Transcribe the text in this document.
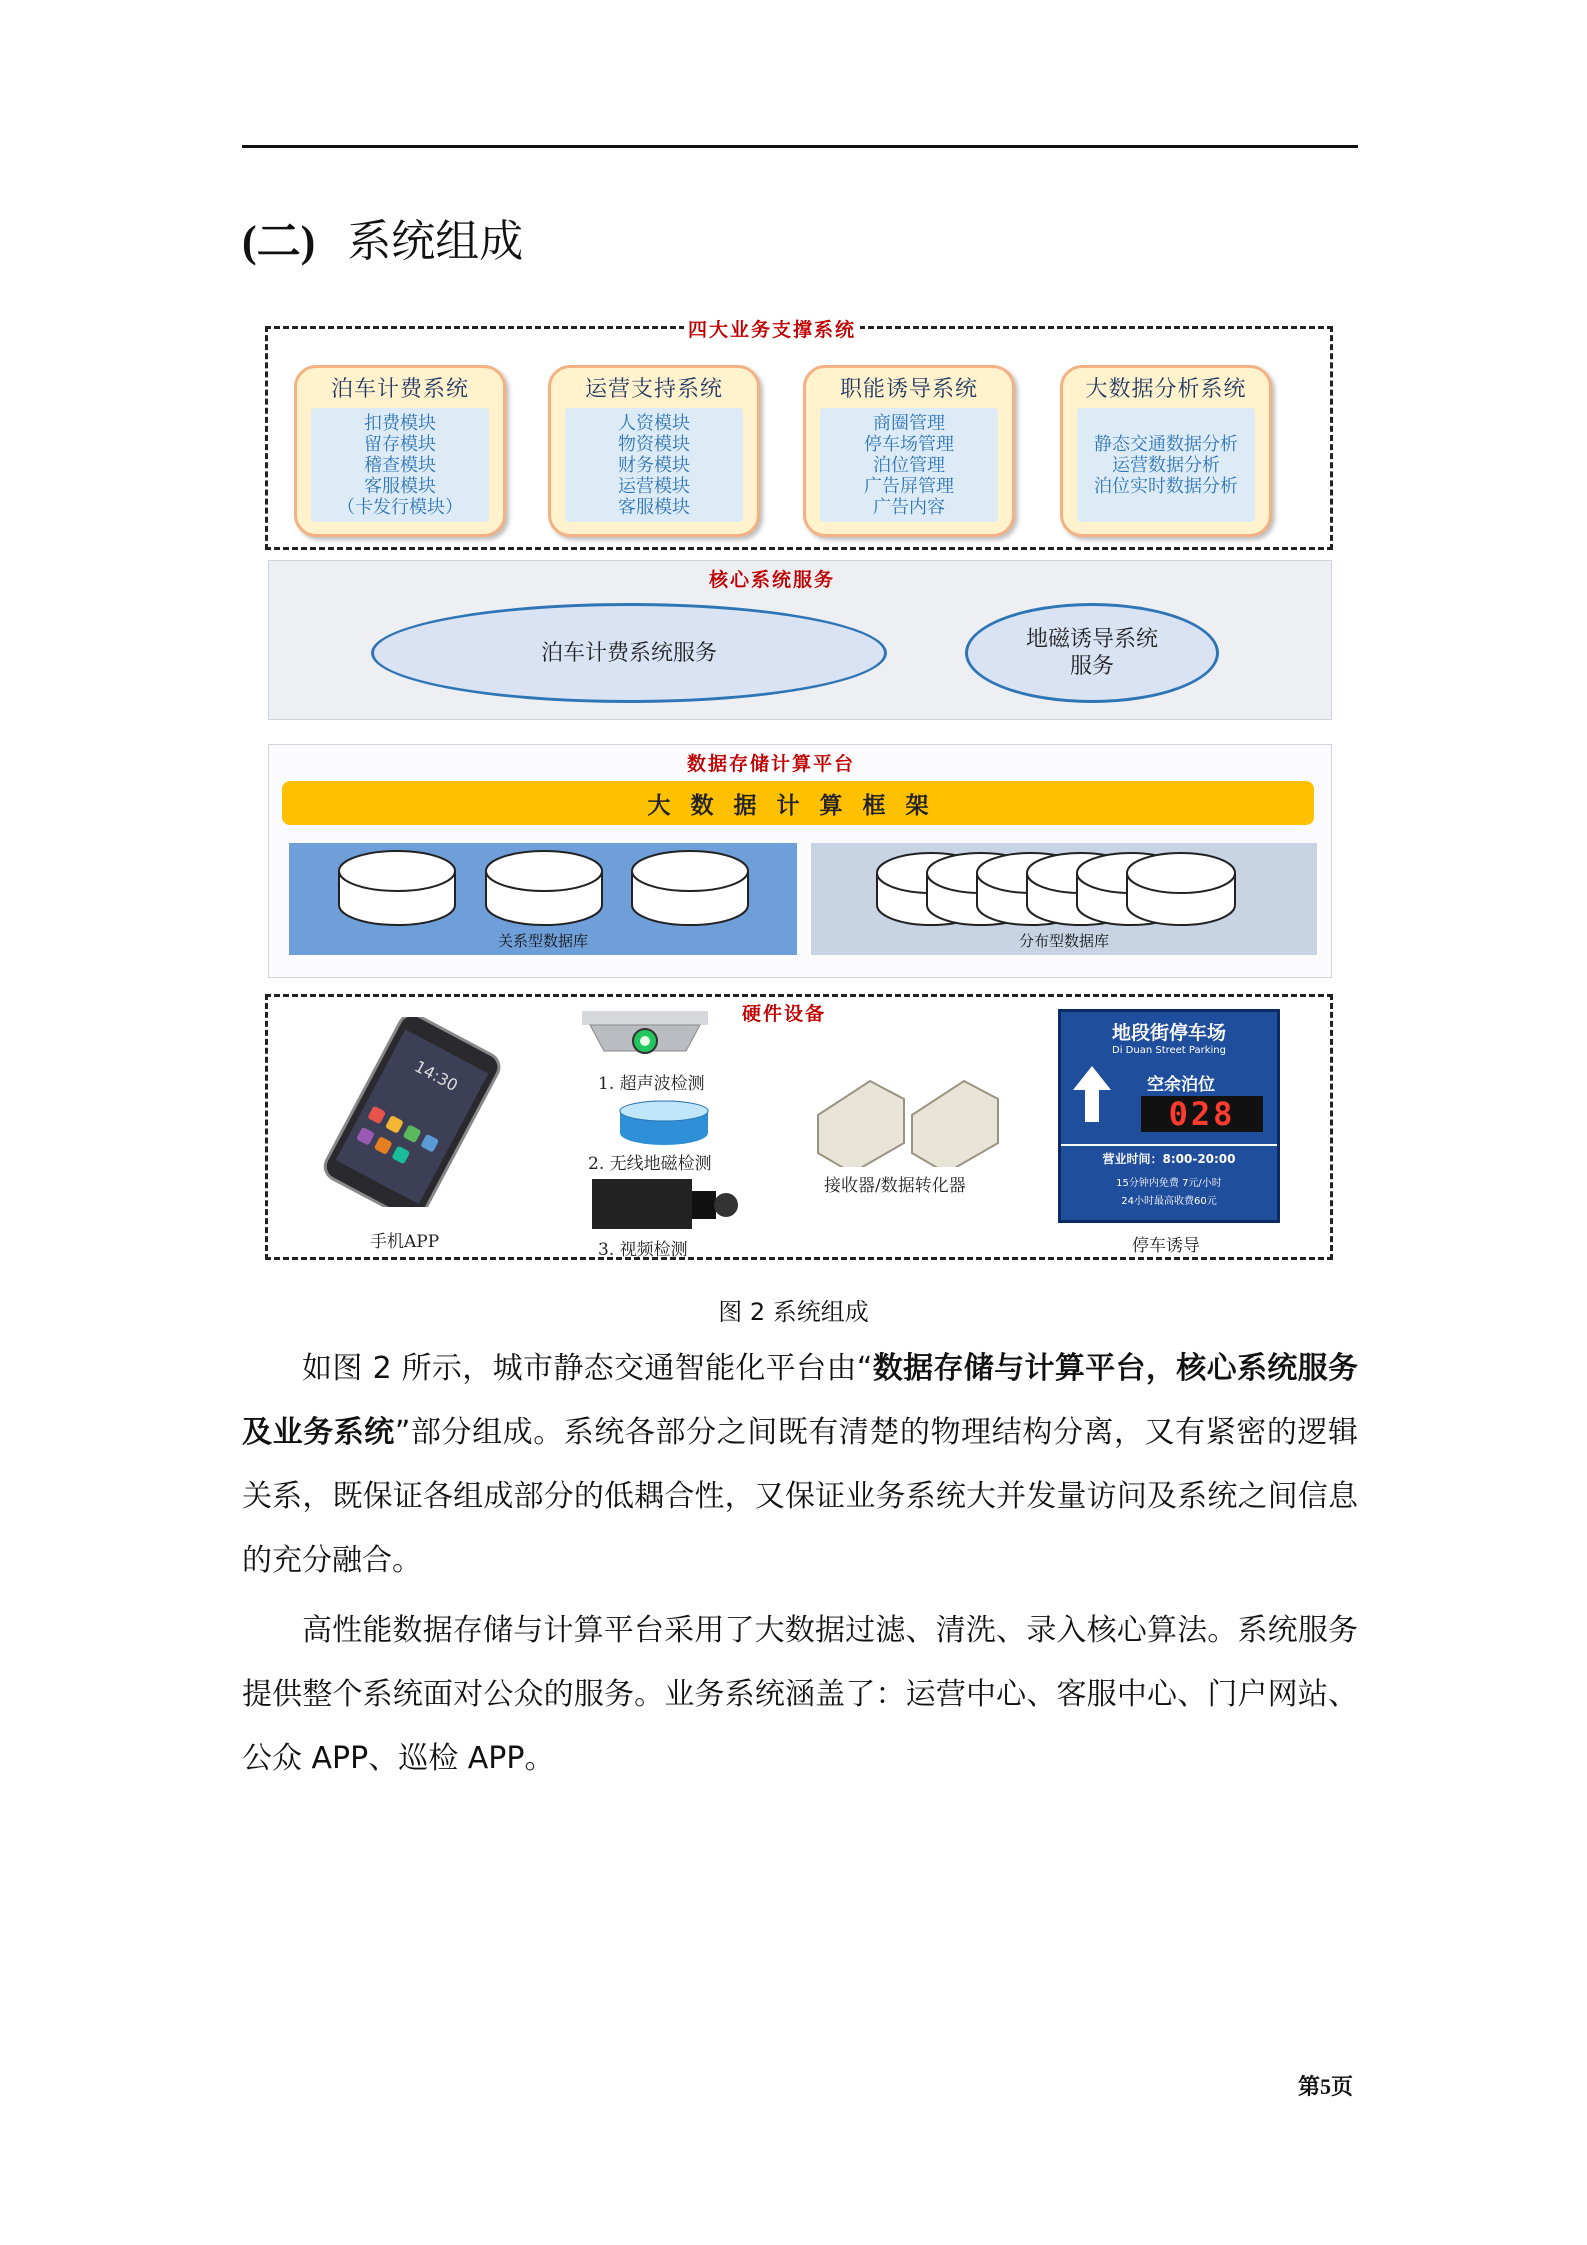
(二) 系统组成
四大业务支撑系统
泊车计费系统
扣费模块
留存模块
稽查模块
客服模块
（卡发行模块）
运营支持系统
人资模块
物资模块
财务模块
运营模块
客服模块
职能诱导系统
商圈管理
停车场管理
泊位管理
广告屏管理
广告内容
大数据分析系统
静态交通数据分析
运营数据分析
泊位实时数据分析
核心系统服务
泊车计费系统服务
地磁诱导系统
服务
数据存储计算平台
大数据计算框架
关系型数据库	分布型数据库
硬件设备
14:30
手机APP
1. 超声波检测
2. 无线地磁检测
3. 视频检测
接收器/数据转化器
地段街停车场
Di Duan Street Parking
空余泊位
028
营业时间：8:00-20:00
15分钟内免费 7元/小时
24小时最高收费60元
停车诱导
图 2 系统组成
如图 2 所示，城市静态交通智能化平台由“数据存储与计算平台，核心系统服务及业务系统”部分组成。系统各部分之间既有清楚的物理结构分离，又有紧密的逻辑关系，既保证各组成部分的低耦合性，又保证业务系统大并发量访问及系统之间信息的充分融合。
高性能数据存储与计算平台采用了大数据过滤、清洗、录入核心算法。系统服务提供整个系统面对公众的服务。业务系统涵盖了：运营中心、客服中心、门户网站、公众 APP、巡检 APP。
第5页
